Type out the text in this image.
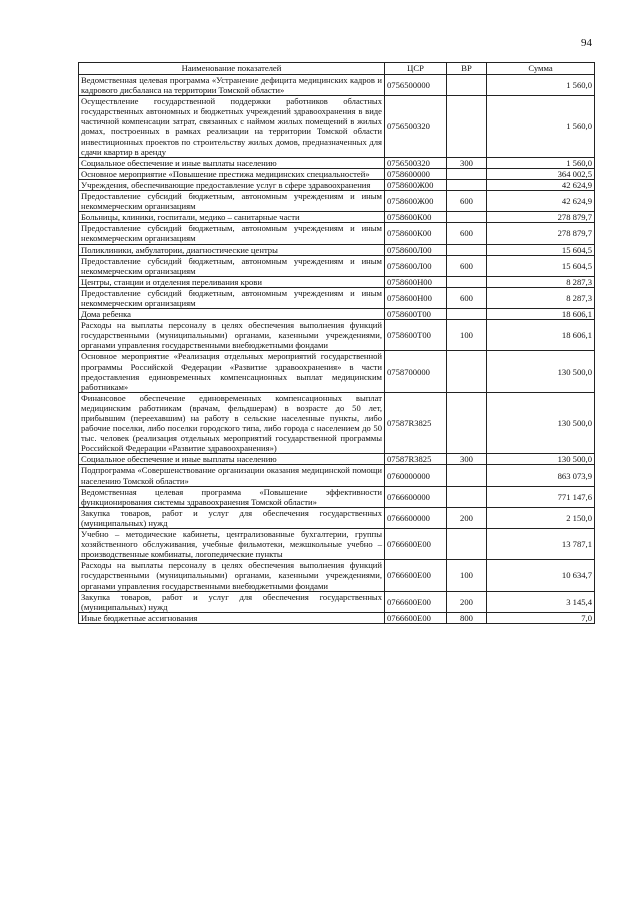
94
Наименование показателей	ЦСР	ВР	Сумма
Ведомственная целевая программа «Устранение дефицита медицинских кадров и кадрового дисбаланса на территории Томской области»	0756500000		1 560,0
Осуществление государственной поддержки работников областных государственных автономных и бюджетных учреждений здравоохранения в виде частичной компенсации затрат, связанных с наймом жилых помещений в жилых домах, построенных в рамках реализации на территории Томской области инвестиционных проектов по строительству жилых домов, предназначенных для сдачи квартир в аренду	0756500320		1 560,0
Социальное обеспечение и иные выплаты населению	0756500320	300	1 560,0
Основное мероприятие «Повышение престижа медицинских специальностей»	0758600000		364 002,5
Учреждения, обеспечивающие предоставление услуг в сфере здравоохранения	0758600Ж00		42 624,9
Предоставление субсидий бюджетным, автономным учреждениям и иным некоммерческим организациям	0758600Ж00	600	42 624,9
Больницы, клиники, госпитали, медико – санитарные части	0758600К00		278 879,7
Предоставление субсидий бюджетным, автономным учреждениям и иным некоммерческим организациям	0758600К00	600	278 879,7
Поликлиники, амбулатории, диагностические центры	0758600Л00		15 604,5
Предоставление субсидий бюджетным, автономным учреждениям и иным некоммерческим организациям	0758600Л00	600	15 604,5
Центры, станции и отделения переливания крови	0758600Н00		8 287,3
Предоставление субсидий бюджетным, автономным учреждениям и иным некоммерческим организациям	0758600Н00	600	8 287,3
Дома ребенка	0758600Т00		18 606,1
Расходы на выплаты персоналу в целях обеспечения выполнения функций государственными (муниципальными) органами, казенными учреждениями, органами управления государственными внебюджетными фондами	0758600Т00	100	18 606,1
Основное мероприятие «Реализация отдельных мероприятий государственной программы Российской Федерации «Развитие здравоохранения» в части предоставления единовременных компенсационных выплат медицинским работникам»	0758700000		130 500,0
Финансовое обеспечение единовременных компенсационных выплат медицинским работникам (врачам, фельдшерам) в возрасте до 50 лет, прибывшим (переехавшим) на работу в сельские населенные пункты, либо рабочие поселки, либо поселки городского типа, либо города с населением до 50 тыс. человек (реализация отдельных мероприятий государственной программы Российской Федерации «Развитие здравоохранения»)	07587R3825		130 500,0
Социальное обеспечение и иные выплаты населению	07587R3825	300	130 500,0
Подпрограмма «Совершенствование организации оказания медицинской помощи населению Томской области»	0760000000		863 073,9
Ведомственная целевая программа «Повышение эффективности функционирования системы здравоохранения Томской области»	0766600000		771 147,6
Закупка товаров, работ и услуг для обеспечения государственных (муниципальных) нужд	0766600000	200	2 150,0
Учебно – методические кабинеты, централизованные бухгалтерии, группы хозяйственного обслуживания, учебные фильмотеки, межшкольные учебно – производственные комбинаты, логопедические пункты	0766600Е00		13 787,1
Расходы на выплаты персоналу в целях обеспечения выполнения функций государственными (муниципальными) органами, казенными учреждениями, органами управления государственными внебюджетными фондами	0766600Е00	100	10 634,7
Закупка товаров, работ и услуг для обеспечения государственных (муниципальных) нужд	0766600Е00	200	3 145,4
Иные бюджетные ассигнования	0766600Е00	800	7,0
